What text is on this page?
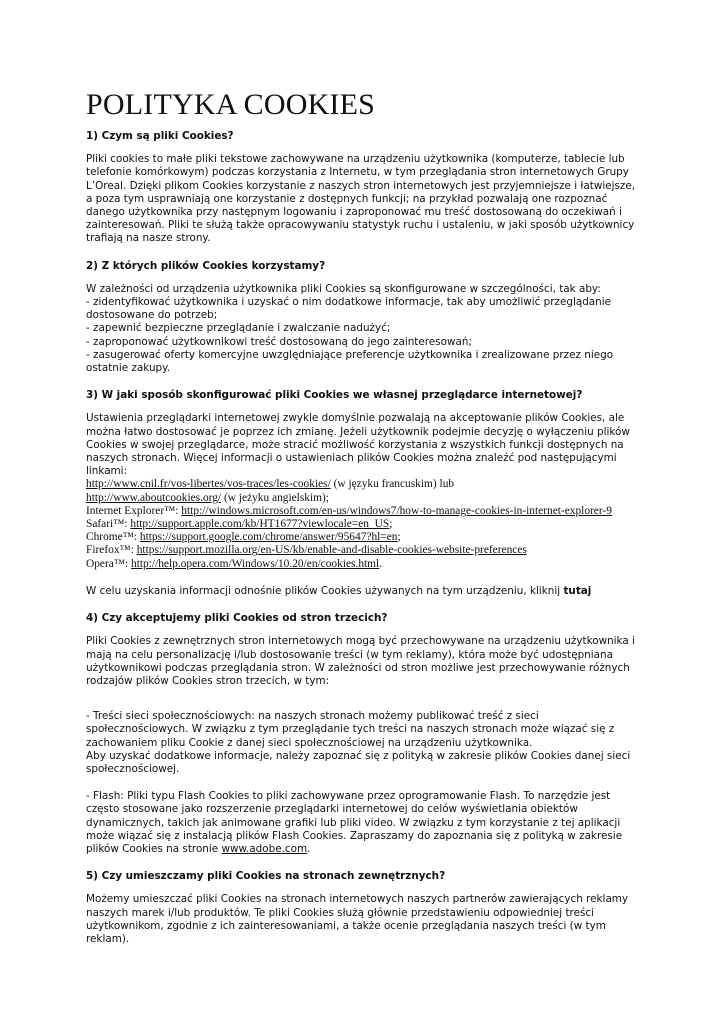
POLITYKA COOKIES

1) Czym są pliki Cookies?

Pliki cookies to małe pliki tekstowe zachowywane na urządzeniu użytkownika (komputerze, tablecie lub telefonie komórkowym) podczas korzystania z Internetu, w tym przeglądania stron internetowych Grupy L’Oreal. Dzięki plikom Cookies korzystanie z naszych stron internetowych jest przyjemniejsze i łatwiejsze, a poza tym usprawniają one korzystanie z dostępnych funkcji; na przykład pozwalają one rozpoznać danego użytkownika przy następnym logowaniu i zaproponować mu treść dostosowaną do oczekiwań i zainteresowań. Pliki te służą także opracowywaniu statystyk ruchu i ustaleniu, w jaki sposób użytkownicy trafiają na nasze strony.

2) Z których plików Cookies korzystamy?

W zależności od urządzenia użytkownika pliki Cookies są skonfigurowane w szczególności, tak aby:
- zidentyfikować użytkownika i uzyskać o nim dodatkowe informacje, tak aby umożliwić przeglądanie dostosowane do potrzeb;
- zapewnić bezpieczne przeglądanie i zwalczanie nadużyć;
- zaproponować użytkownikowi treść dostosowaną do jego zainteresowań;
- zasugerować oferty komercyjne uwzględniające preferencje użytkownika i zrealizowane przez niego ostatnie zakupy.

3) W jaki sposób skonfigurować pliki Cookies we własnej przeglądarce internetowej?

Ustawienia przeglądarki internetowej zwykle domyślnie pozwalają na akceptowanie plików Cookies, ale można łatwo dostosować je poprzez ich zmianę. Jeżeli użytkownik podejmie decyzję o wyłączeniu plików Cookies w swojej przeglądarce, może stracić możliwość korzystania z wszystkich funkcji dostępnych na naszych stronach. Więcej informacji o ustawieniach plików Cookies można znaleźć pod następującymi linkami:
http://www.cnil.fr/vos-libertes/vos-traces/les-cookies/ (w języku francuskim) lub
http://www.aboutcookies.org/ (w jeżyku angielskim);
Internet Explorer™: http://windows.microsoft.com/en-us/windows7/how-to-manage-cookies-in-internet-explorer-9
Safari™: http://support.apple.com/kb/HT1677?viewlocale=en_US;
Chrome™: https://support.google.com/chrome/answer/95647?hl=en;
Firefox™: https://support.mozilla.org/en-US/kb/enable-and-disable-cookies-website-preferences
Opera™: http://help.opera.com/Windows/10.20/en/cookies.html.

W celu uzyskania informacji odnośnie plików Cookies używanych na tym urządzeniu, kliknij tutaj

4) Czy akceptujemy pliki Cookies od stron trzecich?

Pliki Cookies z zewnętrznych stron internetowych mogą być przechowywane na urządzeniu użytkownika i mają na celu personalizację i/lub dostosowanie treści (w tym reklamy), która może być udostępniana użytkownikowi podczas przeglądania stron. W zależności od stron możliwe jest przechowywanie różnych rodzajów plików Cookies stron trzecich, w tym:

- Treści sieci społecznościowych: na naszych stronach możemy publikować treść z sieci społecznościowych. W związku z tym przeglądanie tych treści na naszych stronach może wiązać się z zachowaniem pliku Cookie z danej sieci społecznościowej na urządzeniu użytkownika.
Aby uzyskać dodatkowe informacje, należy zapoznać się z polityką w zakresie plików Cookies danej sieci społecznościowej.

- Flash: Pliki typu Flash Cookies to pliki zachowywane przez oprogramowanie Flash. To narzędzie jest często stosowane jako rozszerzenie przeglądarki internetowej do celów wyświetlania obiektów dynamicznych, takich jak animowane grafiki lub pliki video. W związku z tym korzystanie z tej aplikacji może wiązać się z instalacją plików Flash Cookies. Zapraszamy do zapoznania się z polityką w zakresie plików Cookies na stronie www.adobe.com.

5) Czy umieszczamy pliki Cookies na stronach zewnętrznych?

Możemy umieszczać pliki Cookies na stronach internetowych naszych partnerów zawierających reklamy naszych marek i/lub produktów. Te pliki Cookies służą głównie przedstawieniu odpowiedniej treści użytkownikom, zgodnie z ich zainteresowaniami, a także ocenie przeglądania naszych treści (w tym reklam).
